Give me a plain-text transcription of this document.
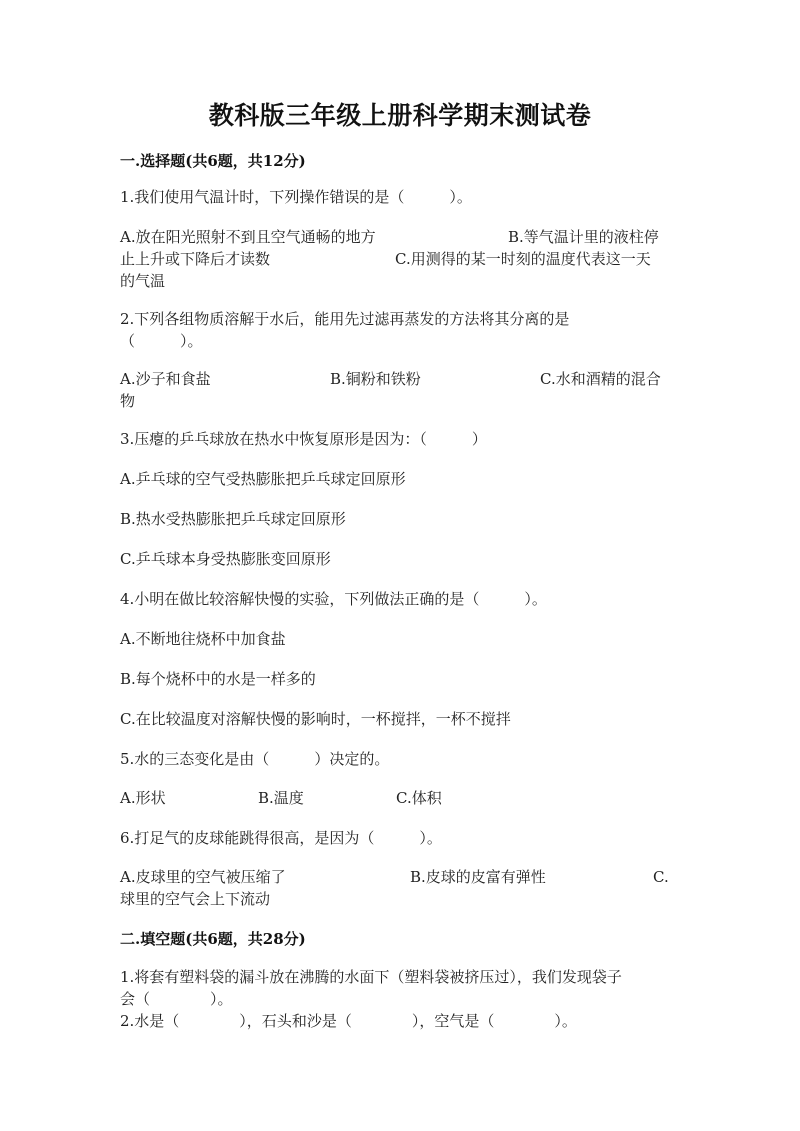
教科版三年级上册科学期末测试卷
一.选择题(共6题，共12分)
1.我们使用气温计时，下列操作错误的是（　　　）。
A.放在阳光照射不到且空气通畅的地方	B.等气温计里的液柱停
止上升或下降后才读数	C.用测得的某一时刻的温度代表这一天
的气温
2.下列各组物质溶解于水后，能用先过滤再蒸发的方法将其分离的是
（　　　）。
A.沙子和食盐	B.铜粉和铁粉	C.水和酒精的混合
物
3.压瘪的乒乓球放在热水中恢复原形是因为：（　　　）
A.乒乓球的空气受热膨胀把乒乓球定回原形
B.热水受热膨胀把乒乓球定回原形
C.乒乓球本身受热膨胀变回原形
4.小明在做比较溶解快慢的实验，下列做法正确的是（　　　）。
A.不断地往烧杯中加食盐
B.每个烧杯中的水是一样多的
C.在比较温度对溶解快慢的影响时，一杯搅拌，一杯不搅拌
5.水的三态变化是由（　　　）决定的。
A.形状	B.温度	C.体积
6.打足气的皮球能跳得很高，是因为（　　　）。
A.皮球里的空气被压缩了	B.皮球的皮富有弹性	C.
球里的空气会上下流动
二.填空题(共6题，共28分)
1.将套有塑料袋的漏斗放在沸腾的水面下（塑料袋被挤压过），我们发现袋子
会（　　　　）。
2.水是（　　　　），石头和沙是（　　　　），空气是（　　　　）。
